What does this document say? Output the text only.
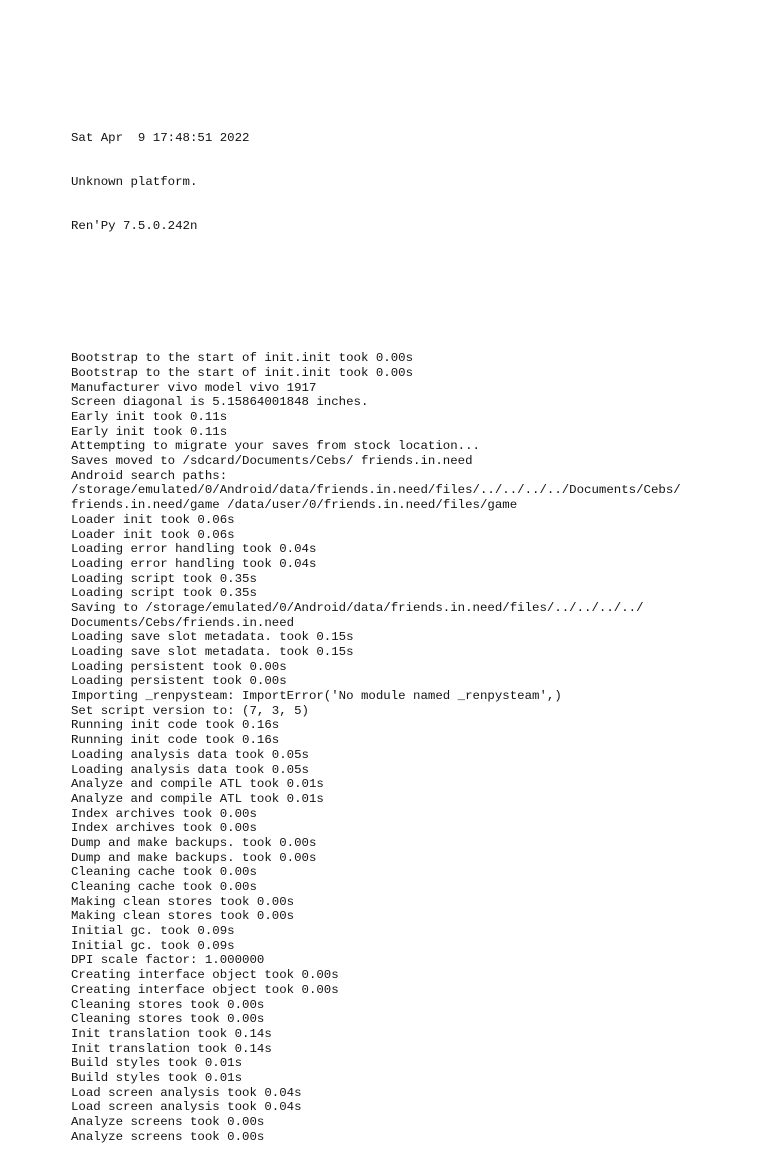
Sat Apr  9 17:48:51 2022

Unknown platform.

Ren'Py 7.5.0.242n

Bootstrap to the start of init.init took 0.00s
Bootstrap to the start of init.init took 0.00s
Manufacturer vivo model vivo 1917
Screen diagonal is 5.15864001848 inches.
Early init took 0.11s
Early init took 0.11s
Attempting to migrate your saves from stock location...
Saves moved to /sdcard/Documents/Cebs/ friends.in.need
Android search paths:
/storage/emulated/0/Android/data/friends.in.need/files/../../../../Documents/Cebs/
friends.in.need/game /data/user/0/friends.in.need/files/game
Loader init took 0.06s
Loader init took 0.06s
Loading error handling took 0.04s
Loading error handling took 0.04s
Loading script took 0.35s
Loading script took 0.35s
Saving to /storage/emulated/0/Android/data/friends.in.need/files/../../../../
Documents/Cebs/friends.in.need
Loading save slot metadata. took 0.15s
Loading save slot metadata. took 0.15s
Loading persistent took 0.00s
Loading persistent took 0.00s
Importing _renpysteam: ImportError('No module named _renpysteam',)
Set script version to: (7, 3, 5)
Running init code took 0.16s
Running init code took 0.16s
Loading analysis data took 0.05s
Loading analysis data took 0.05s
Analyze and compile ATL took 0.01s
Analyze and compile ATL took 0.01s
Index archives took 0.00s
Index archives took 0.00s
Dump and make backups. took 0.00s
Dump and make backups. took 0.00s
Cleaning cache took 0.00s
Cleaning cache took 0.00s
Making clean stores took 0.00s
Making clean stores took 0.00s
Initial gc. took 0.09s
Initial gc. took 0.09s
DPI scale factor: 1.000000
Creating interface object took 0.00s
Creating interface object took 0.00s
Cleaning stores took 0.00s
Cleaning stores took 0.00s
Init translation took 0.14s
Init translation took 0.14s
Build styles took 0.01s
Build styles took 0.01s
Load screen analysis took 0.04s
Load screen analysis took 0.04s
Analyze screens took 0.00s
Analyze screens took 0.00s
